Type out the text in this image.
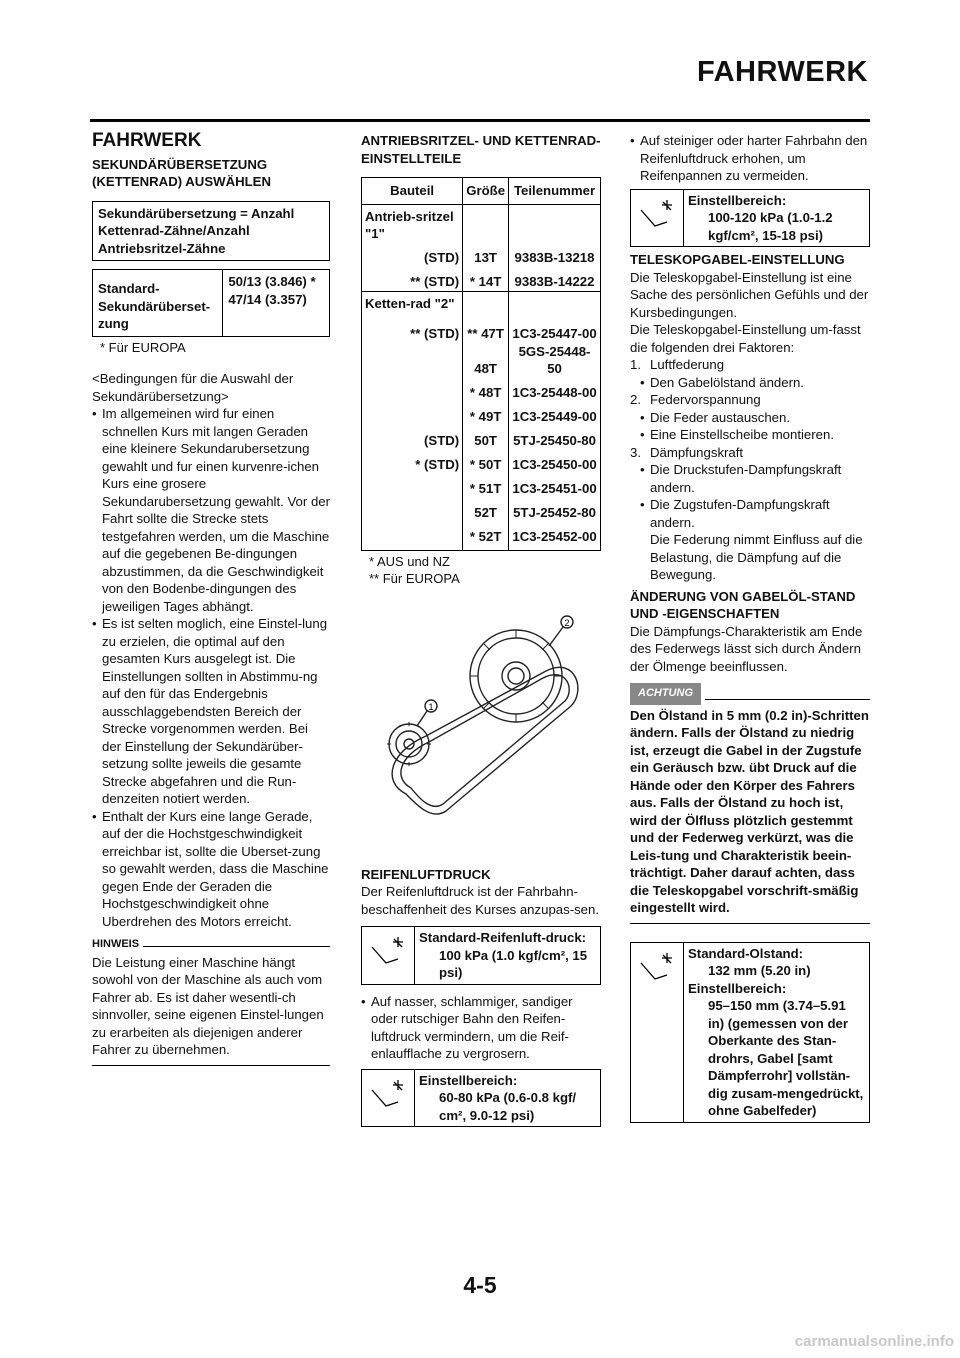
FAHRWERK
FAHRWERK
SEKUNDÄRÜBERSETZUNG (KETTENRAD) AUSWÄHLEN
Sekundärübersetzung = Anzahl Kettenrad-Zähne/Anzahl Antriebsritzel-Zähne
Standard-Sekundärüberset-zung	50/13 (3.846) * 47/14 (3.357)
* Für EUROPA

<Bedingungen für die Auswahl der Sekundärübersetzung>

• Im allgemeinen wird fur einen schnellen Kurs mit langen Geraden eine kleinere Sekundarubersetzung gewahlt und fur einen kurvenre-ichen Kurs eine grosere Sekundarubersetzung gewahlt. Vor der Fahrt sollte die Strecke stets testgefahren werden, um die Maschine auf die gegebenen Be-dingungen abzustimmen, da die Geschwindigkeit von den Bodenbe-dingungen des jeweiligen Tages abhängt.
• Es ist selten moglich, eine Einstel-lung zu erzielen, die optimal auf den gesamten Kurs ausgelegt ist. Die Einstellungen sollten in Abstimmu-ng auf den für das Endergebnis ausschlaggebendsten Bereich der Strecke vorgenommen werden. Bei der Einstellung der Sekundärüber-setzung sollte jeweils die gesamte Strecke abgefahren und die Run-denzeiten notiert werden.
• Enthalt der Kurs eine lange Gerade, auf der die Hochstgeschwindigkeit erreichbar ist, sollte die Uberset-zung so gewahlt werden, dass die Maschine gegen Ende der Geraden die Hochstgeschwindigkeit ohne Uberdrehen des Motors erreicht.
HINWEIS

Die Leistung einer Maschine hängt sowohl von der Maschine als auch vom Fahrer ab. Es ist daher wesentli-ch sinnvoller, seine eigenen Einstel-lungen zu erarbeiten als diejenigen anderer Fahrer zu übernehmen.

ANTRIEBSRITZEL- UND KETTENRAD-EINSTELLTEILE
Bauteil	Größe	Teilenummer
Antrieb-sritzel "1"		
(STD)	13T	9383B-13218
** (STD)	* 14T	9383B-14222
Ketten-rad "2"		
** (STD)	** 47T	1C3-25447-00
	48T	5GS-25448-50
	* 48T	1C3-25448-00
	* 49T	1C3-25449-00
(STD)	50T	5TJ-25450-80
* (STD)	* 50T	1C3-25450-00
	* 51T	1C3-25451-00
	52T	5TJ-25452-80
	* 52T	1C3-25452-00
* AUS und NZ
** Für EUROPA
2
1
REIFENLUFTDRUCK

Der Reifenluftdruck ist der Fahrbahn-beschaffenheit des Kurses anzupas-sen.

Standard-Reifenluft-druck:
100 kPa (1.0 kgf/cm², 15 psi)
• Auf nasser, schlammiger, sandiger oder rutschiger Bahn den Reifen-luftdruck vermindern, um die Reif-enlaufflache zu vergrosern.
Einstellbereich:
60-80 kPa (0.6-0.8 kgf/ cm², 9.0-12 psi)
• Auf steiniger oder harter Fahrbahn den Reifenluftdruck erhohen, um Reifenpannen zu vermeiden.
Einstellbereich:
100-120 kPa (1.0-1.2 kgf/cm², 15-18 psi)
TELESKOPGABEL-EINSTELLUNG

Die Teleskopgabel-Einstellung ist eine Sache des persönlichen Gefühls und der Kursbedingungen.

Die Teleskopgabel-Einstellung um-fasst die folgenden drei Faktoren:

1. Luftfederung
• Den Gabelölstand ändern.
2. Federvorspannung
• Die Feder austauschen.
• Eine Einstellscheibe montieren.
3. Dämpfungskraft
• Die Druckstufen-Dampfungskraft andern.
• Die Zugstufen-Dampfungskraft andern.

Die Federung nimmt Einfluss auf die Belastung, die Dämpfung auf die Bewegung.

ÄNDERUNG VON GABELÖL-STAND UND -EIGENSCHAFTEN

Die Dämpfungs-Charakteristik am Ende des Federwegs lässt sich durch Ändern der Ölmenge beeinflussen.

ACHTUNG

Den Ölstand in 5 mm (0.2 in)-Schritten ändern. Falls der Ölstand zu niedrig ist, erzeugt die Gabel in der Zugstufe ein Geräusch bzw. übt Druck auf die Hände oder den Körper des Fahrers aus. Falls der Ölstand zu hoch ist, wird der Ölfluss plötzlich gestemmt und der Federweg verkürzt, was die Leis-tung und Charakteristik beein-trächtigt. Daher darauf achten, dass die Teleskopgabel vorschrift-smäßig eingestellt wird.

Standard-Olstand:
132 mm (5.20 in)
Einstellbereich:
95–150 mm (3.74–5.91 in) (gemessen von der Oberkante des Stan-drohrs, Gabel [samt Dämpferrohr] vollstän-dig zusam-mengedrückt, ohne Gabelfeder)
4-5
carmanualsonline.info
